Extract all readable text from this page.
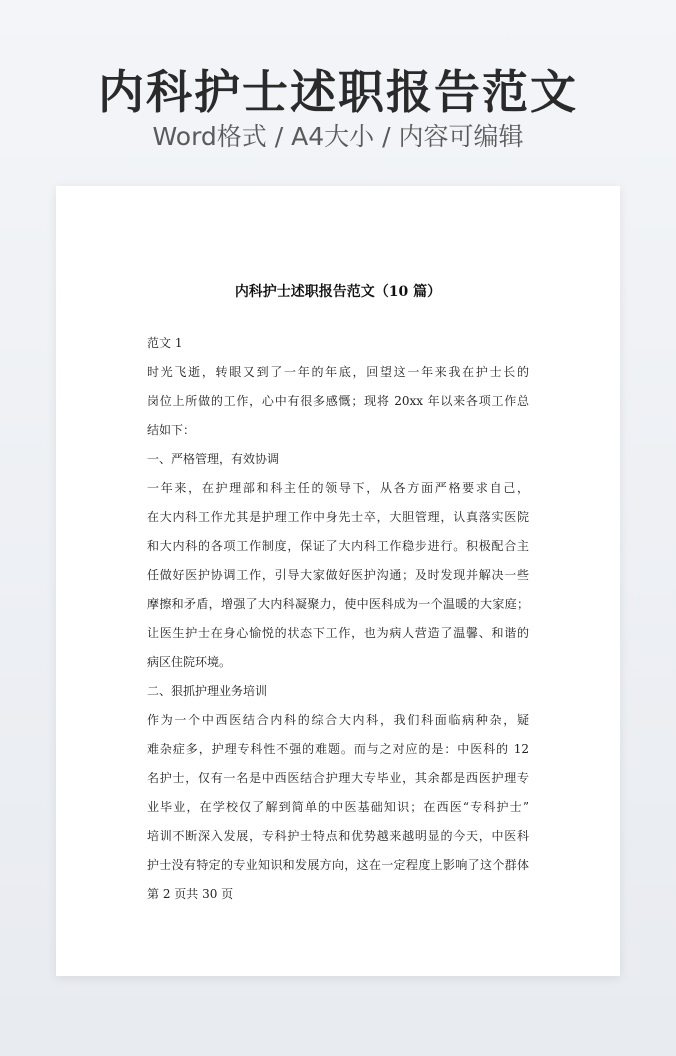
内科护士述职报告范文
Word格式 / A4大小 / 内容可编辑
内科护士述职报告范文（10 篇）
范文 1
时光飞逝，转眼又到了一年的年底，回望这一年来我在护士长的
岗位上所做的工作，心中有很多感慨；现将 20xx 年以来各项工作总
结如下：
一、严格管理，有效协调
一年来，在护理部和科主任的领导下，从各方面严格要求自己，
在大内科工作尤其是护理工作中身先士卒，大胆管理，认真落实医院
和大内科的各项工作制度，保证了大内科工作稳步进行。积极配合主
任做好医护协调工作，引导大家做好医护沟通；及时发现并解决一些
摩擦和矛盾，增强了大内科凝聚力，使中医科成为一个温暖的大家庭；
让医生护士在身心愉悦的状态下工作，也为病人营造了温馨、和谐的
病区住院环境。
二、狠抓护理业务培训
作为一个中西医结合内科的综合大内科，我们科面临病种杂，疑
难杂症多，护理专科性不强的难题。而与之对应的是：中医科的 12
名护士，仅有一名是中西医结合护理大专毕业，其余都是西医护理专
业毕业，在学校仅了解到简单的中医基础知识；在西医“专科护士”
培训不断深入发展，专科护士特点和优势越来越明显的今天，中医科
护士没有特定的专业知识和发展方向，这在一定程度上影响了这个群体
第 2 页共 30 页
